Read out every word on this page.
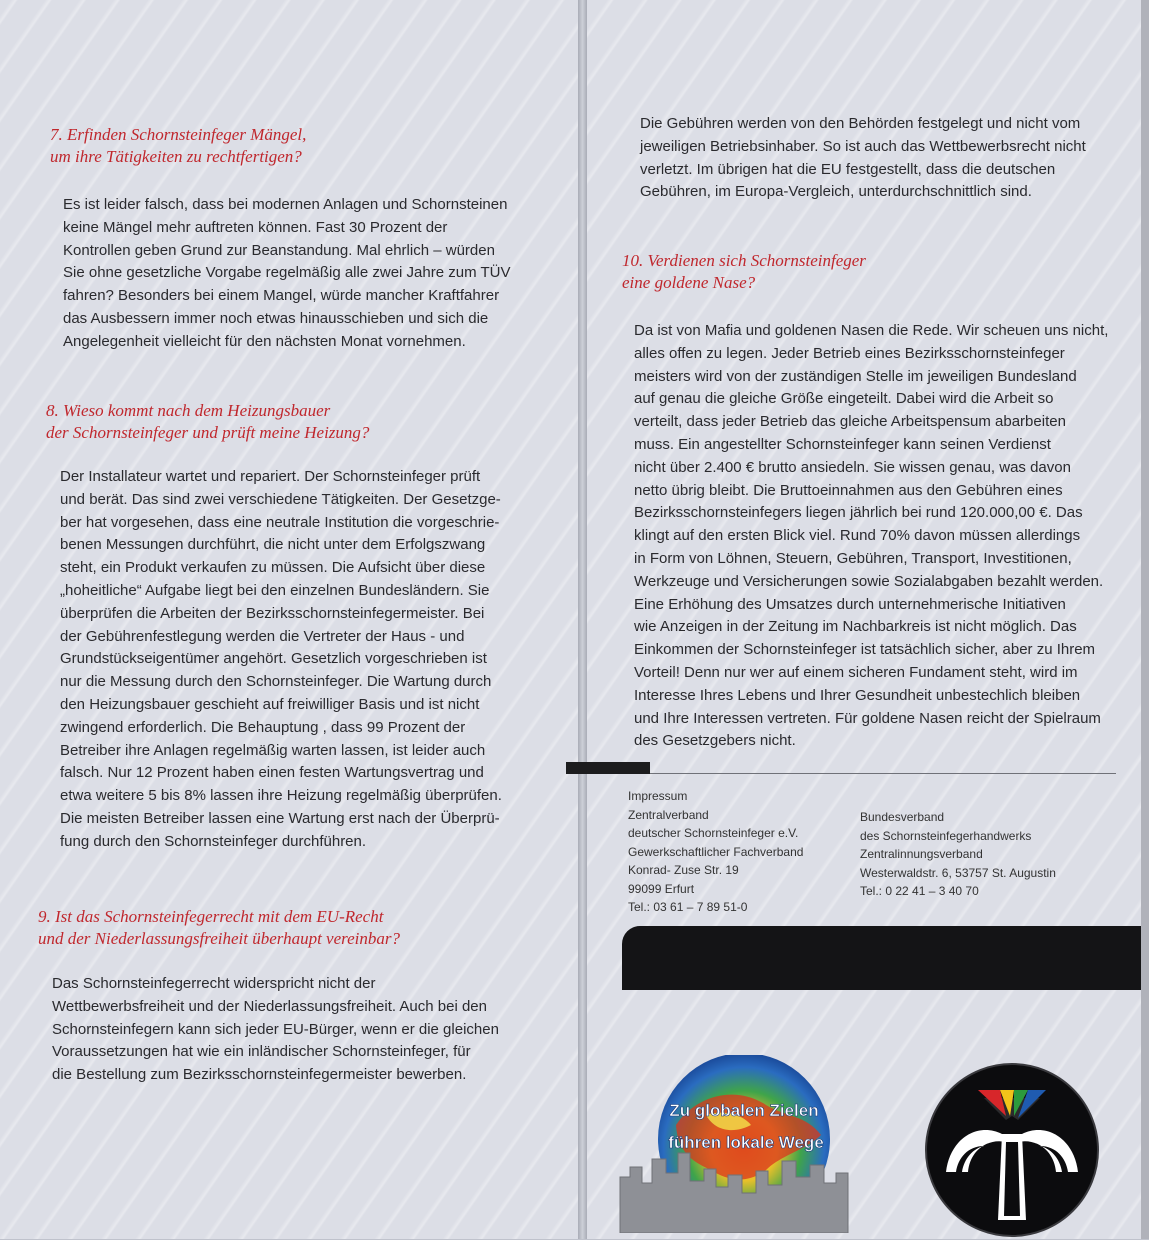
7. Erfinden Schornsteinfeger Mängel,
um ihre Tätigkeiten zu rechtfertigen?

Es ist leider falsch, dass bei modernen Anlagen und Schornsteinen
keine Mängel mehr auftreten können. Fast 30 Prozent der
Kontrollen geben Grund zur Beanstandung. Mal ehrlich – würden
Sie ohne gesetzliche Vorgabe regelmäßig alle zwei Jahre zum TÜV
fahren? Besonders bei einem Mangel, würde mancher Kraftfahrer
das Ausbessern immer noch etwas hinausschieben und sich die
Angelegenheit vielleicht für den nächsten Monat vornehmen.

8. Wieso kommt nach dem Heizungsbauer
der Schornsteinfeger und prüft meine Heizung?

Der Installateur wartet und repariert. Der Schornsteinfeger prüft
und berät. Das sind zwei verschiedene Tätigkeiten. Der Gesetzge-
ber hat vorgesehen, dass eine neutrale Institution die vorgeschrie-
benen Messungen durchführt, die nicht unter dem Erfolgszwang
steht, ein Produkt verkaufen zu müssen. Die Aufsicht über diese
„hoheitliche“ Aufgabe liegt bei den einzelnen Bundesländern. Sie
überprüfen die Arbeiten der Bezirksschornsteinfegermeister. Bei
der Gebührenfestlegung werden die Vertreter der Haus - und
Grundstückseigentümer angehört. Gesetzlich vorgeschrieben ist
nur die Messung durch den Schornsteinfeger. Die Wartung durch
den Heizungsbauer geschieht auf freiwilliger Basis und ist nicht
zwingend erforderlich. Die Behauptung , dass 99 Prozent der
Betreiber ihre Anlagen regelmäßig warten lassen, ist leider auch
falsch. Nur 12 Prozent haben einen festen Wartungsvertrag und
etwa weitere 5 bis 8% lassen ihre Heizung regelmäßig überprüfen.
Die meisten Betreiber lassen eine Wartung erst nach der Überprü-
fung durch den Schornsteinfeger durchführen.

9. Ist das Schornsteinfegerrecht mit dem EU-Recht
und der Niederlassungsfreiheit überhaupt vereinbar?

Das Schornsteinfegerrecht widerspricht nicht der
Wettbewerbsfreiheit und der Niederlassungsfreiheit. Auch bei den
Schornsteinfegern kann sich jeder EU-Bürger, wenn er die gleichen
Voraussetzungen hat wie ein inländischer Schornsteinfeger, für
die Bestellung zum Bezirksschornsteinfegermeister bewerben.

Die Gebühren werden von den Behörden festgelegt und nicht vom
jeweiligen Betriebsinhaber. So ist auch das Wettbewerbsrecht nicht
verletzt. Im übrigen hat die EU festgestellt, dass die deutschen
Gebühren, im Europa-Vergleich, unterdurchschnittlich sind.

10. Verdienen sich Schornsteinfeger
eine goldene Nase?

Da ist von Mafia und goldenen Nasen die Rede. Wir scheuen uns nicht,
alles offen zu legen. Jeder Betrieb eines Bezirksschornsteinfeger
meisters wird von der zuständigen Stelle im jeweiligen Bundesland
auf genau die gleiche Größe eingeteilt. Dabei wird die Arbeit so
verteilt, dass jeder Betrieb das gleiche Arbeitspensum abarbeiten
muss. Ein angestellter Schornsteinfeger kann seinen Verdienst
nicht über 2.400 € brutto ansiedeln. Sie wissen genau, was davon
netto übrig bleibt. Die Bruttoeinnahmen aus den Gebühren eines
Bezirksschornsteinfegers liegen jährlich bei rund 120.000,00 €. Das
klingt auf den ersten Blick viel. Rund 70% davon müssen allerdings
in Form von Löhnen, Steuern, Gebühren, Transport, Investitionen,
Werkzeuge und Versicherungen sowie Sozialabgaben bezahlt werden.
Eine Erhöhung des Umsatzes durch unternehmerische Initiativen
wie Anzeigen in der Zeitung im Nachbarkreis ist nicht möglich. Das
Einkommen der Schornsteinfeger ist tatsächlich sicher, aber zu Ihrem
Vorteil! Denn nur wer auf einem sicheren Fundament steht, wird im
Interesse Ihres Lebens und Ihrer Gesundheit unbestechlich bleiben
und Ihre Interessen vertreten. Für goldene Nasen reicht der Spielraum
des Gesetzgebers nicht.

Impressum
Zentralverband
deutscher Schornsteinfeger e.V.
Gewerkschaftlicher Fachverband
Konrad- Zuse Str. 19
99099 Erfurt
Tel.: 03 61 – 7 89 51-0

Bundesverband
des Schornsteinfegerhandwerks
Zentralinnungsverband
Westerwaldstr. 6, 53757 St. Augustin
Tel.: 0 22 41 – 3 40 70

Zu globalen Zielen
führen lokale Wege
